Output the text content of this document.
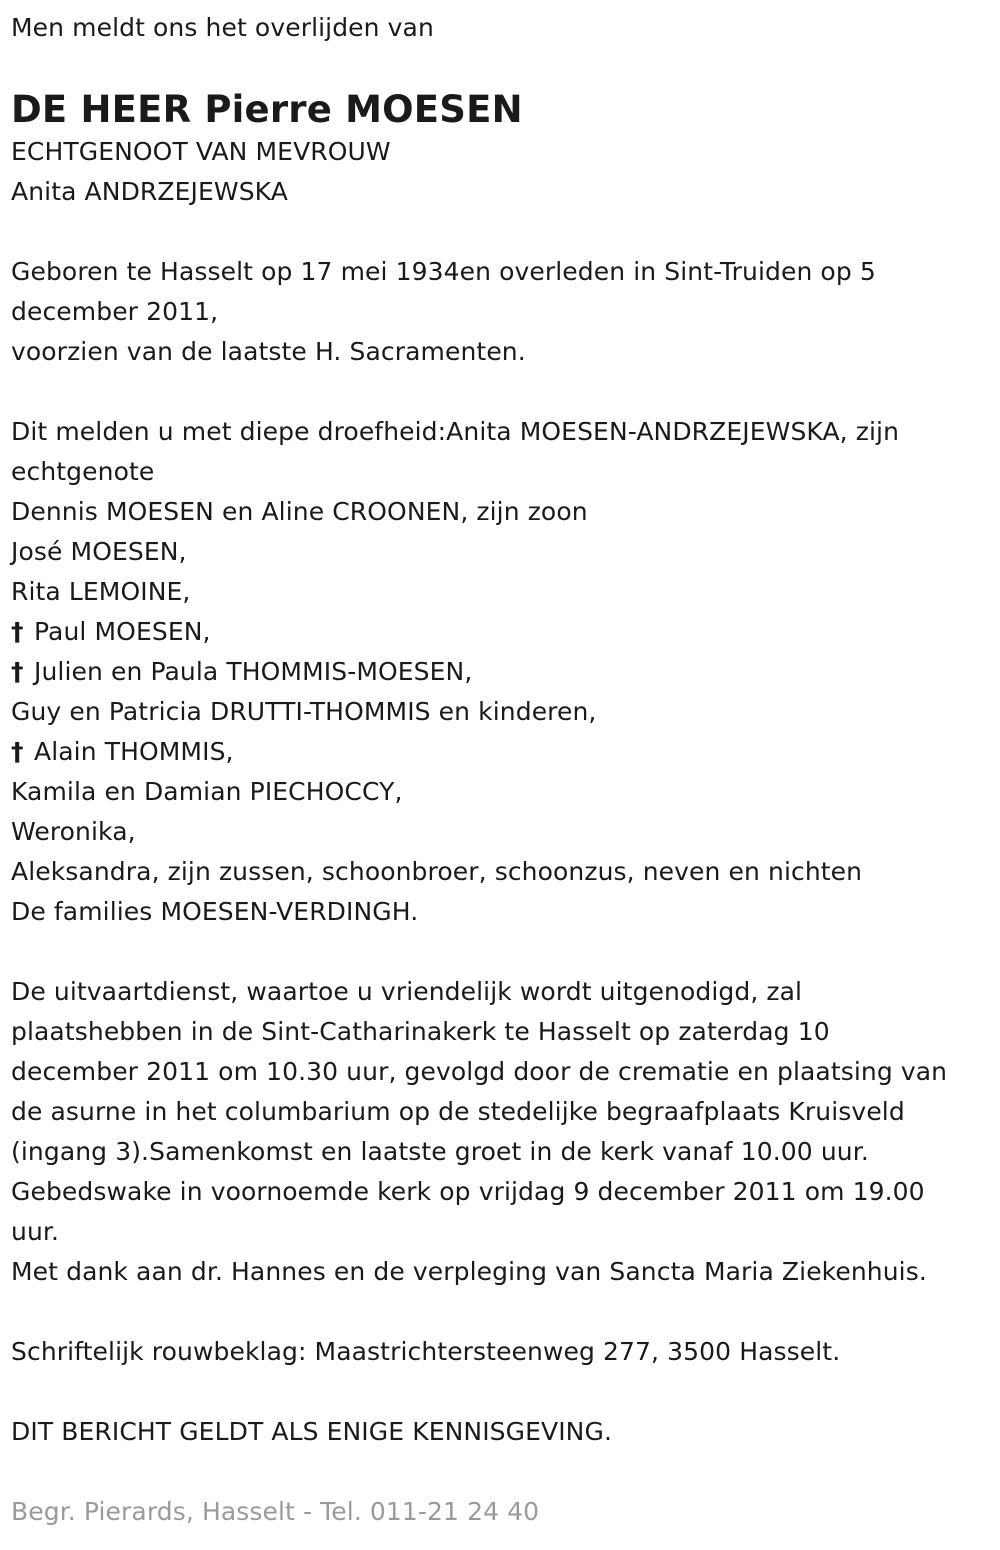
Men meldt ons het overlijden van
DE HEER Pierre MOESEN
ECHTGENOOT VAN MEVROUW
Anita ANDRZEJEWSKA
Geboren te Hasselt op 17 mei 1934en overleden in Sint-Truiden op 5
december 2011,
voorzien van de laatste H. Sacramenten.
Dit melden u met diepe droefheid:Anita MOESEN-ANDRZEJEWSKA, zijn
echtgenote
Dennis MOESEN en Aline CROONEN, zijn zoon
José MOESEN,
Rita LEMOINE,
† Paul MOESEN,
† Julien en Paula THOMMIS-MOESEN,
Guy en Patricia DRUTTI-THOMMIS en kinderen,
† Alain THOMMIS,
Kamila en Damian PIECHOCCY,
Weronika,
Aleksandra, zijn zussen, schoonbroer, schoonzus, neven en nichten
De families MOESEN-VERDINGH.
De uitvaartdienst, waartoe u vriendelijk wordt uitgenodigd, zal
plaatshebben in de Sint-Catharinakerk te Hasselt op zaterdag 10
december 2011 om 10.30 uur, gevolgd door de crematie en plaatsing van
de asurne in het columbarium op de stedelijke begraafplaats Kruisveld
(ingang 3).Samenkomst en laatste groet in de kerk vanaf 10.00 uur.
Gebedswake in voornoemde kerk op vrijdag 9 december 2011 om 19.00
uur.
Met dank aan dr. Hannes en de verpleging van Sancta Maria Ziekenhuis.
Schriftelijk rouwbeklag: Maastrichtersteenweg 277, 3500 Hasselt.
DIT BERICHT GELDT ALS ENIGE KENNISGEVING.
Begr. Pierards, Hasselt - Tel. 011-21 24 40
